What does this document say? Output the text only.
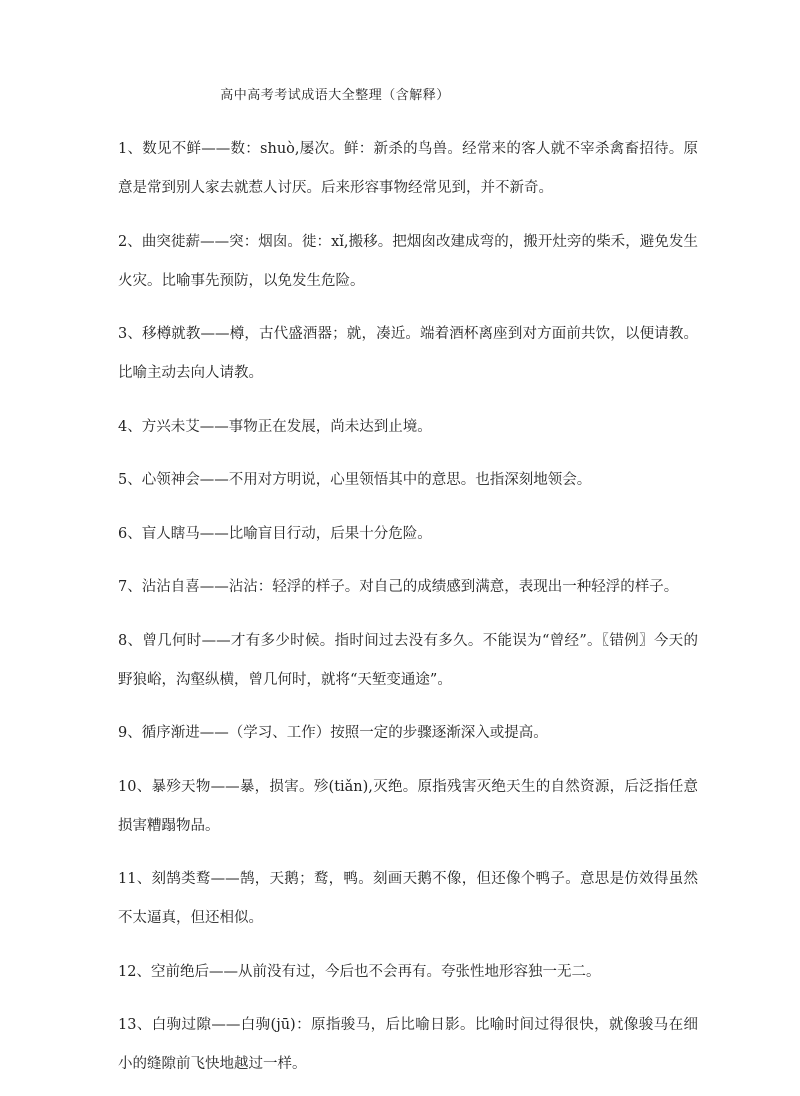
高中高考考试成语大全整理（含解释）

1、数见不鲜——数：shuò,屡次。鲜：新杀的鸟兽。经常来的客人就不宰杀禽畜招待。原意是常到别人家去就惹人讨厌。后来形容事物经常见到，并不新奇。

2、曲突徙薪——突：烟囱。徙：xǐ,搬移。把烟囱改建成弯的，搬开灶旁的柴禾，避免发生火灾。比喻事先预防，以免发生危险。

3、移樽就教——樽，古代盛酒器；就，凑近。端着酒杯离座到对方面前共饮，以便请教。比喻主动去向人请教。

4、方兴未艾——事物正在发展，尚未达到止境。

5、心领神会——不用对方明说，心里领悟其中的意思。也指深刻地领会。

6、盲人瞎马——比喻盲目行动，后果十分危险。

7、沾沾自喜——沾沾：轻浮的样子。对自己的成绩感到满意，表现出一种轻浮的样子。

8、曾几何时——才有多少时候。指时间过去没有多久。不能误为“曾经”。〖错例〗今天的野狼峪，沟壑纵横，曾几何时，就将“天堑变通途”。

9、循序渐进——（学习、工作）按照一定的步骤逐渐深入或提高。

10、暴殄天物——暴，损害。殄(tiǎn),灭绝。原指残害灭绝天生的自然资源，后泛指任意损害糟蹋物品。

11、刻鹄类鹜——鹄，天鹅；鹜，鸭。刻画天鹅不像，但还像个鸭子。意思是仿效得虽然不太逼真，但还相似。

12、空前绝后——从前没有过，今后也不会再有。夸张性地形容独一无二。

13、白驹过隙——白驹(jū)：原指骏马，后比喻日影。比喻时间过得很快，就像骏马在细小的缝隙前飞快地越过一样。
